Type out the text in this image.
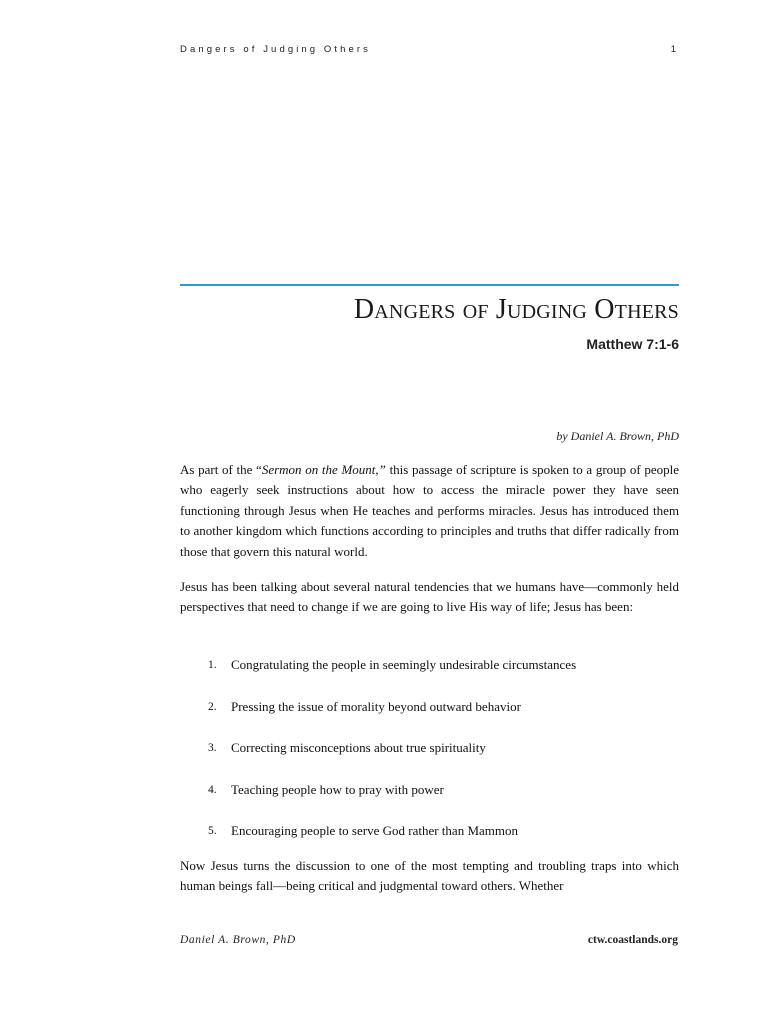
Dangers of Judging Others	1
Dangers of Judging Others
Matthew 7:1-6
by Daniel A. Brown, PhD

As part of the “Sermon on the Mount,” this passage of scripture is spoken to a group of people who eagerly seek instructions about how to access the miracle power they have seen functioning through Jesus when He teaches and performs miracles. Jesus has introduced them to another kingdom which functions according to principles and truths that differ radically from those that govern this natural world.

Jesus has been talking about several natural tendencies that we humans have—commonly held perspectives that need to change if we are going to live His way of life; Jesus has been:

1. Congratulating the people in seemingly undesirable circumstances
2. Pressing the issue of morality beyond outward behavior
3. Correcting misconceptions about true spirituality
4. Teaching people how to pray with power
5. Encouraging people to serve God rather than Mammon

Now Jesus turns the discussion to one of the most tempting and troubling traps into which human beings fall—being critical and judgmental toward others. Whether

Daniel A. Brown, PhD	ctw.coastlands.org
